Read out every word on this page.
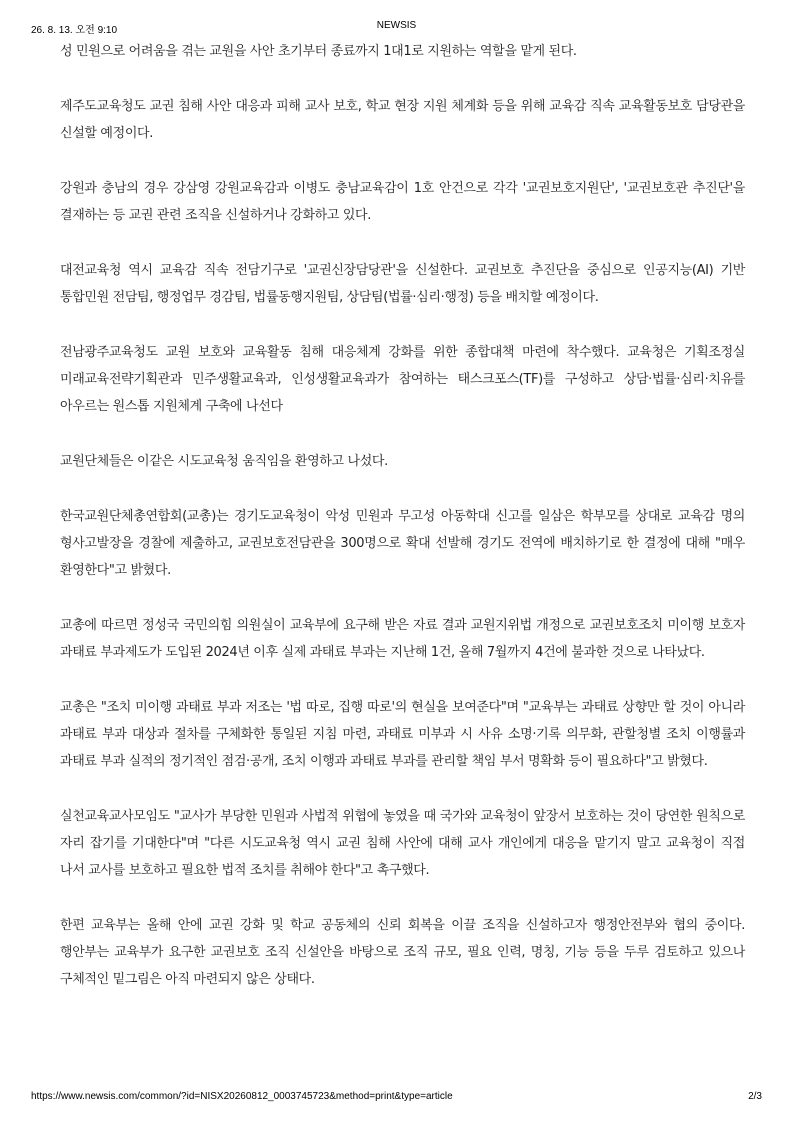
26. 8. 13. 오전 9:10	NEWSIS

성 민원으로 어려움을 겪는 교원을 사안 초기부터 종료까지 1대1로 지원하는 역할을 맡게 된다.

제주도교육청도 교권 침해 사안 대응과 피해 교사 보호, 학교 현장 지원 체계화 등을 위해 교육감 직속 교육활동보호 담당관을 신설할 예정이다.

강원과 충남의 경우 강삼영 강원교육감과 이병도 충남교육감이 1호 안건으로 각각 '교권보호지원단', '교권보호관 추진단'을 결재하는 등 교권 관련 조직을 신설하거나 강화하고 있다.

대전교육청 역시 교육감 직속 전담기구로 '교권신장담당관'을 신설한다. 교권보호 추진단을 중심으로 인공지능(AI) 기반 통합민원 전담팀, 행정업무 경감팀, 법률동행지원팀, 상담팀(법률·심리·행정) 등을 배치할 예정이다.

전남광주교육청도 교원 보호와 교육활동 침해 대응체계 강화를 위한 종합대책 마련에 착수했다. 교육청은 기획조정실 미래교육전략기획관과 민주생활교육과, 인성생활교육과가 참여하는 태스크포스(TF)를 구성하고 상담·법률·심리·치유를 아우르는 원스톱 지원체계 구축에 나선다

교원단체들은 이같은 시도교육청 움직임을 환영하고 나섰다.

한국교원단체총연합회(교총)는 경기도교육청이 악성 민원과 무고성 아동학대 신고를 일삼은 학부모를 상대로 교육감 명의 형사고발장을 경찰에 제출하고, 교권보호전담관을 300명으로 확대 선발해 경기도 전역에 배치하기로 한 결정에 대해 "매우 환영한다"고 밝혔다.

교총에 따르면 정성국 국민의힘 의원실이 교육부에 요구해 받은 자료 결과 교원지위법 개정으로 교권보호조치 미이행 보호자 과태료 부과제도가 도입된 2024년 이후 실제 과태료 부과는 지난해 1건, 올해 7월까지 4건에 불과한 것으로 나타났다.

교총은 "조치 미이행 과태료 부과 저조는 '법 따로, 집행 따로'의 현실을 보여준다"며 "교육부는 과태료 상향만 할 것이 아니라 과태료 부과 대상과 절차를 구체화한 통일된 지침 마련, 과태료 미부과 시 사유 소명·기록 의무화, 관할청별 조치 이행률과 과태료 부과 실적의 정기적인 점검·공개, 조치 이행과 과태료 부과를 관리할 책임 부서 명확화 등이 필요하다"고 밝혔다.

실천교육교사모임도 "교사가 부당한 민원과 사법적 위협에 놓였을 때 국가와 교육청이 앞장서 보호하는 것이 당연한 원칙으로 자리 잡기를 기대한다"며 "다른 시도교육청 역시 교권 침해 사안에 대해 교사 개인에게 대응을 맡기지 말고 교육청이 직접 나서 교사를 보호하고 필요한 법적 조치를 취해야 한다"고 촉구했다.

한편 교육부는 올해 안에 교권 강화 및 학교 공동체의 신뢰 회복을 이끌 조직을 신설하고자 행정안전부와 협의 중이다. 행안부는 교육부가 요구한 교권보호 조직 신설안을 바탕으로 조직 규모, 필요 인력, 명칭, 기능 등을 두루 검토하고 있으나 구체적인 밑그림은 아직 마련되지 않은 상태다.

https://www.newsis.com/common/?id=NISX20260812_0003745723&method=print&type=article	2/3
